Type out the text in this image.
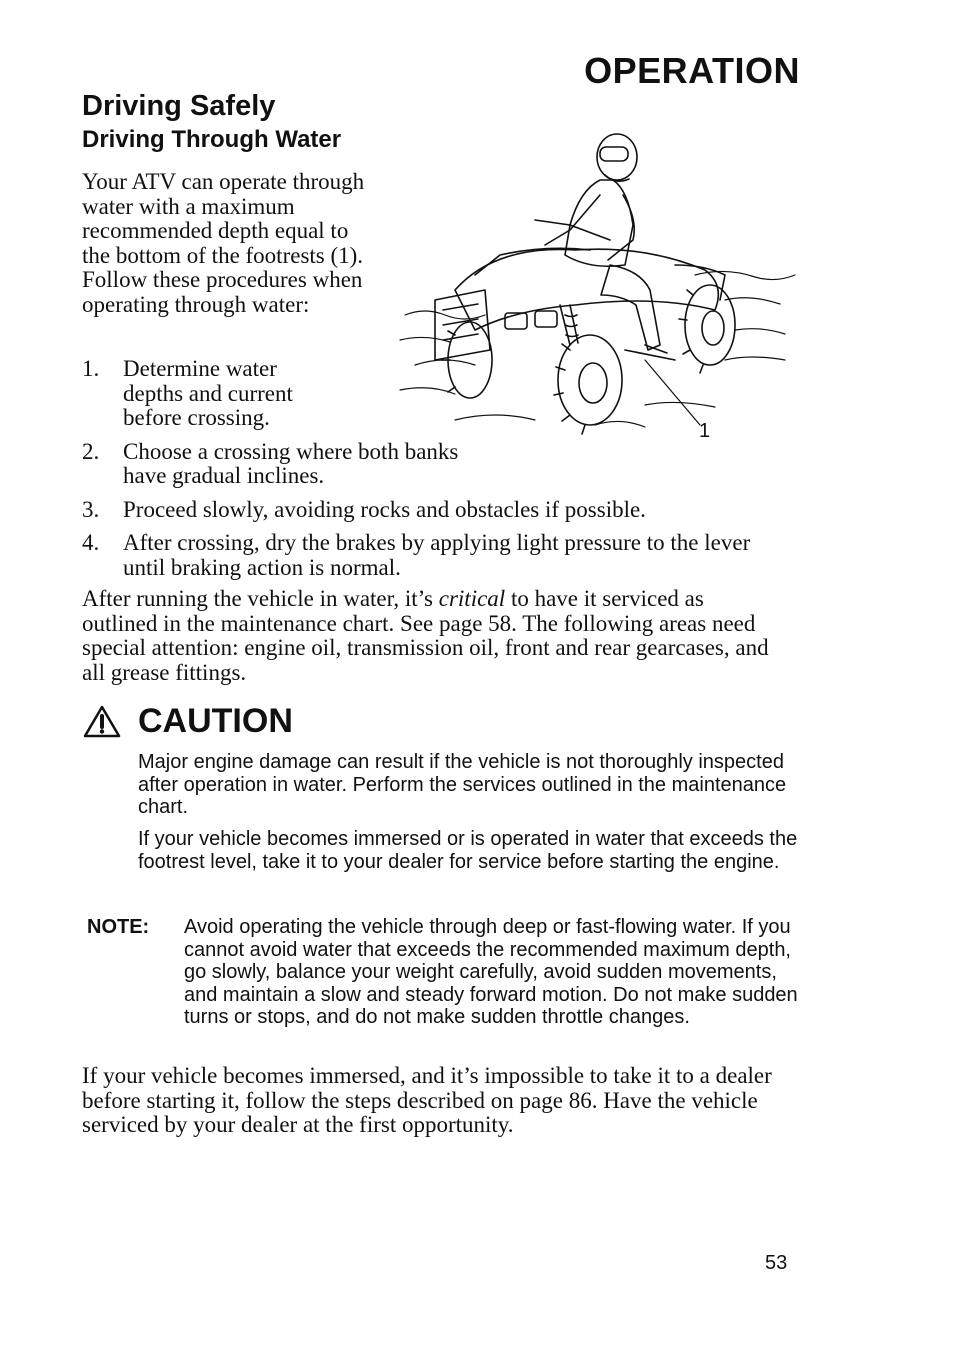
OPERATION
Driving Safely
Driving Through Water

Your ATV can operate through water with a maximum recommended depth equal to the bottom of the footrests (1). Follow these procedures when operating through water:

1. Determine water depths and current before crossing.
2. Choose a crossing where both banks have gradual inclines.
3. Proceed slowly, avoiding rocks and obstacles if possible.
4. After crossing, dry the brakes by applying light pressure to the lever until braking action is normal.

After running the vehicle in water, it’s critical to have it serviced as outlined in the maintenance chart. See page 58. The following areas need special attention: engine oil, transmission oil, front and rear gearcases, and all grease fittings.

1
CAUTION

Major engine damage can result if the vehicle is not thoroughly inspected after operation in water. Perform the services outlined in the maintenance chart.

If your vehicle becomes immersed or is operated in water that exceeds the footrest level, take it to your dealer for service before starting the engine.

NOTE: Avoid operating the vehicle through deep or fast-flowing water. If you cannot avoid water that exceeds the recommended maximum depth, go slowly, balance your weight carefully, avoid sudden movements, and maintain a slow and steady forward motion. Do not make sudden turns or stops, and do not make sudden throttle changes.

If your vehicle becomes immersed, and it’s impossible to take it to a dealer before starting it, follow the steps described on page 86. Have the vehicle serviced by your dealer at the first opportunity.

53
